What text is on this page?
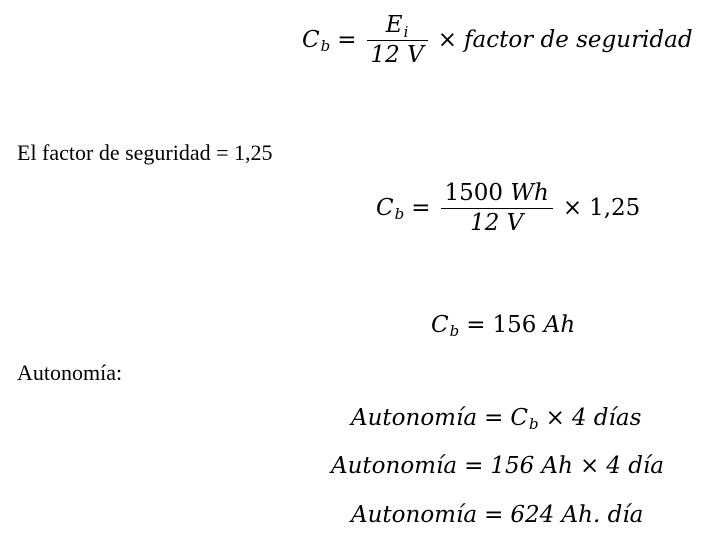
C $b = \frac{E_i}{12 V}$ × factor de seguridad
El factor de seguridad = 1,25
C $b = \frac{1500 Wh}{12 V} \times 1,25$
C b = 156
Ah
Autonomía:
Autonomía = C b × 4 días
Autonomía = 156 Ah × 4 día
Autonomía = 624 Ah. día
